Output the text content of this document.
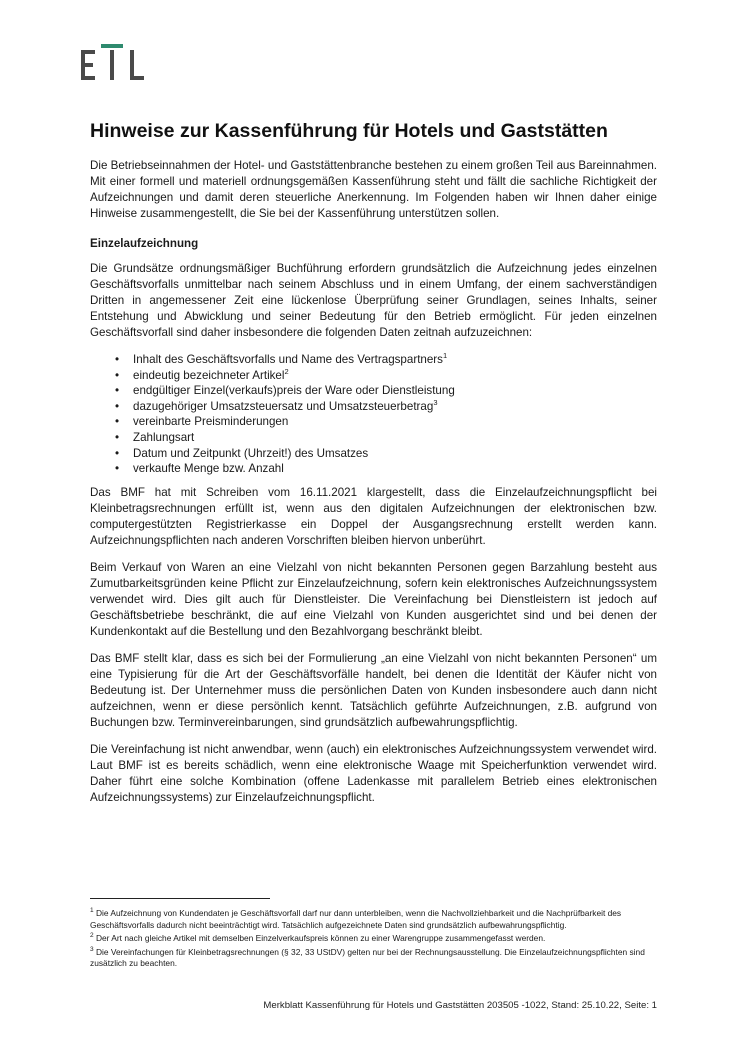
Hinweise zur Kassenführung für Hotels und Gaststätten

Die Betriebseinnahmen der Hotel- und Gaststättenbranche bestehen zu einem großen Teil aus Bareinnahmen. Mit einer formell und materiell ordnungsgemäßen Kassenführung steht und fällt die sachliche Richtigkeit der Aufzeichnungen und damit deren steuerliche Anerkennung. Im Folgenden haben wir Ihnen daher einige Hinweise zusammengestellt, die Sie bei der Kassenführung unterstützen sollen.

Einzelaufzeichnung

Die Grundsätze ordnungsmäßiger Buchführung erfordern grundsätzlich die Aufzeichnung jedes einzelnen Geschäftsvorfalls unmittelbar nach seinem Abschluss und in einem Umfang, der einem sachverständigen Dritten in angemessener Zeit eine lückenlose Überprüfung seiner Grundlagen, seines Inhalts, seiner Entstehung und Abwicklung und seiner Bedeutung für den Betrieb ermöglicht. Für jeden einzelnen Geschäftsvorfall sind daher insbesondere die folgenden Daten zeitnah aufzuzeichnen:

• Inhalt des Geschäftsvorfalls und Name des Vertragspartners$^1$
• eindeutig bezeichneter Artikel$^2$
• endgültiger Einzel(verkaufs)preis der Ware oder Dienstleistung
• dazugehöriger Umsatzsteuersatz und Umsatzsteuerbetrag$^3$
• vereinbarte Preisminderungen
• Zahlungsart
• Datum und Zeitpunkt (Uhrzeit!) des Umsatzes
• verkaufte Menge bzw. Anzahl

Das BMF hat mit Schreiben vom 16.11.2021 klargestellt, dass die Einzelaufzeichnungspflicht bei Kleinbetragsrechnungen erfüllt ist, wenn aus den digitalen Aufzeichnungen der elektronischen bzw. computergestützten Registrierkasse ein Doppel der Ausgangsrechnung erstellt werden kann. Aufzeichnungspflichten nach anderen Vorschriften bleiben hiervon unberührt.

Beim Verkauf von Waren an eine Vielzahl von nicht bekannten Personen gegen Barzahlung besteht aus Zumutbarkeitsgründen keine Pflicht zur Einzelaufzeichnung, sofern kein elektronisches Aufzeichnungssystem verwendet wird. Dies gilt auch für Dienstleister. Die Vereinfachung bei Dienstleistern ist jedoch auf Geschäftsbetriebe beschränkt, die auf eine Vielzahl von Kunden ausgerichtet sind und bei denen der Kundenkontakt auf die Bestellung und den Bezahlvorgang beschränkt bleibt.

Das BMF stellt klar, dass es sich bei der Formulierung „an eine Vielzahl von nicht bekannten Personen“ um eine Typisierung für die Art der Geschäftsvorfälle handelt, bei denen die Identität der Käufer nicht von Bedeutung ist. Der Unternehmer muss die persönlichen Daten von Kunden insbesondere auch dann nicht aufzeichnen, wenn er diese persönlich kennt. Tatsächlich geführte Aufzeichnungen, z.B. aufgrund von Buchungen bzw. Terminvereinbarungen, sind grundsätzlich aufbewahrungspflichtig.

Die Vereinfachung ist nicht anwendbar, wenn (auch) ein elektronisches Aufzeichnungssystem verwendet wird. Laut BMF ist es bereits schädlich, wenn eine elektronische Waage mit Speicherfunktion verwendet wird. Daher führt eine solche Kombination (offene Ladenkasse mit parallelem Betrieb eines elektronischen Aufzeichnungssystems) zur Einzelaufzeichnungspflicht.

$^1$ Die Aufzeichnung von Kundendaten je Geschäftsvorfall darf nur dann unterbleiben, wenn die Nachvollziehbarkeit und die Nachprüfbarkeit des Geschäftsvorfalls dadurch nicht beeinträchtigt wird. Tatsächlich aufgezeichnete Daten sind grundsätzlich aufbewahrungspflichtig.

$^2$ Der Art nach gleiche Artikel mit demselben Einzelverkaufspreis können zu einer Warengruppe zusammengefasst werden.

$^3$ Die Vereinfachungen für Kleinbetragsrechnungen (§ 32, 33 UStDV) gelten nur bei der Rechnungsausstellung. Die Einzelaufzeichnungspflichten sind zusätzlich zu beachten.

Merkblatt Kassenführung für Hotels und Gaststätten 203505 -1022, Stand: 25.10.22, Seite: 1
